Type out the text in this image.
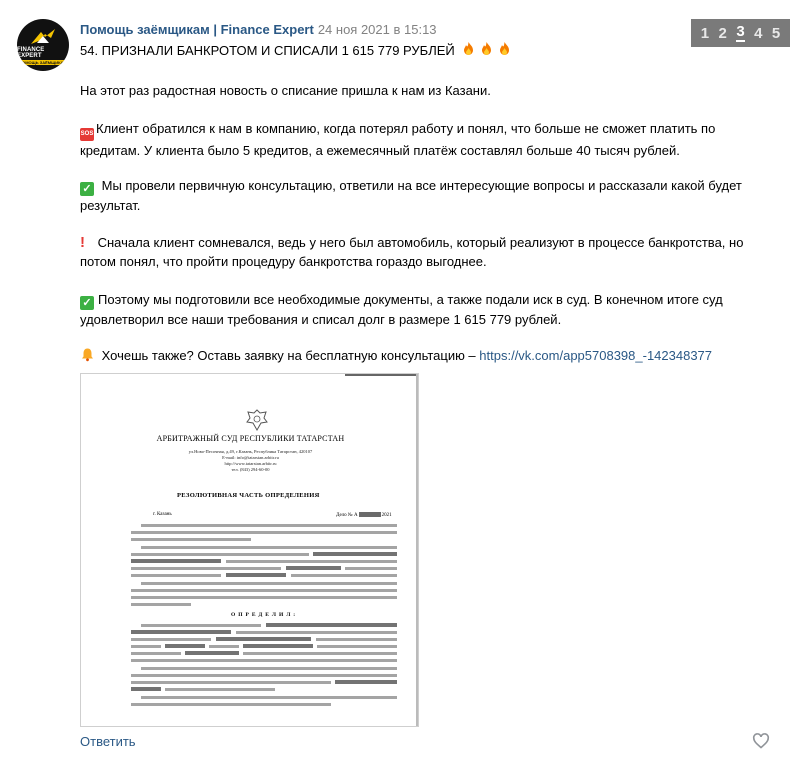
FINANCE EXPERT
ПОМОЩЬ ЗАЁМЩИКАМ
Помощь заёмщикам | Finance Expert 24 ноя 2021 в 15:13	1 2 3 4 5
54. ПРИЗНАЛИ БАНКРОТОМ И СПИСАЛИ 1 615 779 РУБЛЕЙ
На этот раз радостная новость о списание пришла к нам из Казани.
SOS Клиент обратился к нам в компанию, когда потерял работу и понял, что больше не сможет платить по кредитам. У клиента было 5 кредитов, а ежемесячный платёж составлял больше 40 тысяч рублей.
✓ Мы провели первичную консультацию, ответили на все интересующие вопросы и рассказали какой будет результат.
! Сначала клиент сомневался, ведь у него был автомобиль, который реализуют в процессе банкротства, но потом понял, что пройти процедуру банкротства гораздо выгоднее.
✓ Поэтому мы подготовили все необходимые документы, а также подали иск в суд. В конечном итоге суд удовлетворил все наши требования и списал долг в размере 1 615 779 рублей.
Хочешь также? Оставь заявку на бесплатную консультацию – https://vk.com/app5708398_-142348377
АРБИТРАЖНЫЙ СУД РЕСПУБЛИКИ ТАТАРСТАН
ул.Ново-Песочная, д.49, г.Казань, Республика Татарстан, 420107
E-mail: info@tatarstan.arbitr.ru
http://www.tatarstan.arbitr.ru
тел. (843) 294-60-00
РЕЗОЛЮТИВНАЯ ЧАСТЬ ОПРЕДЕЛЕНИЯ
г. Казань	Дело № А	2021
О П Р Е Д Е Л И Л :
Ответить
